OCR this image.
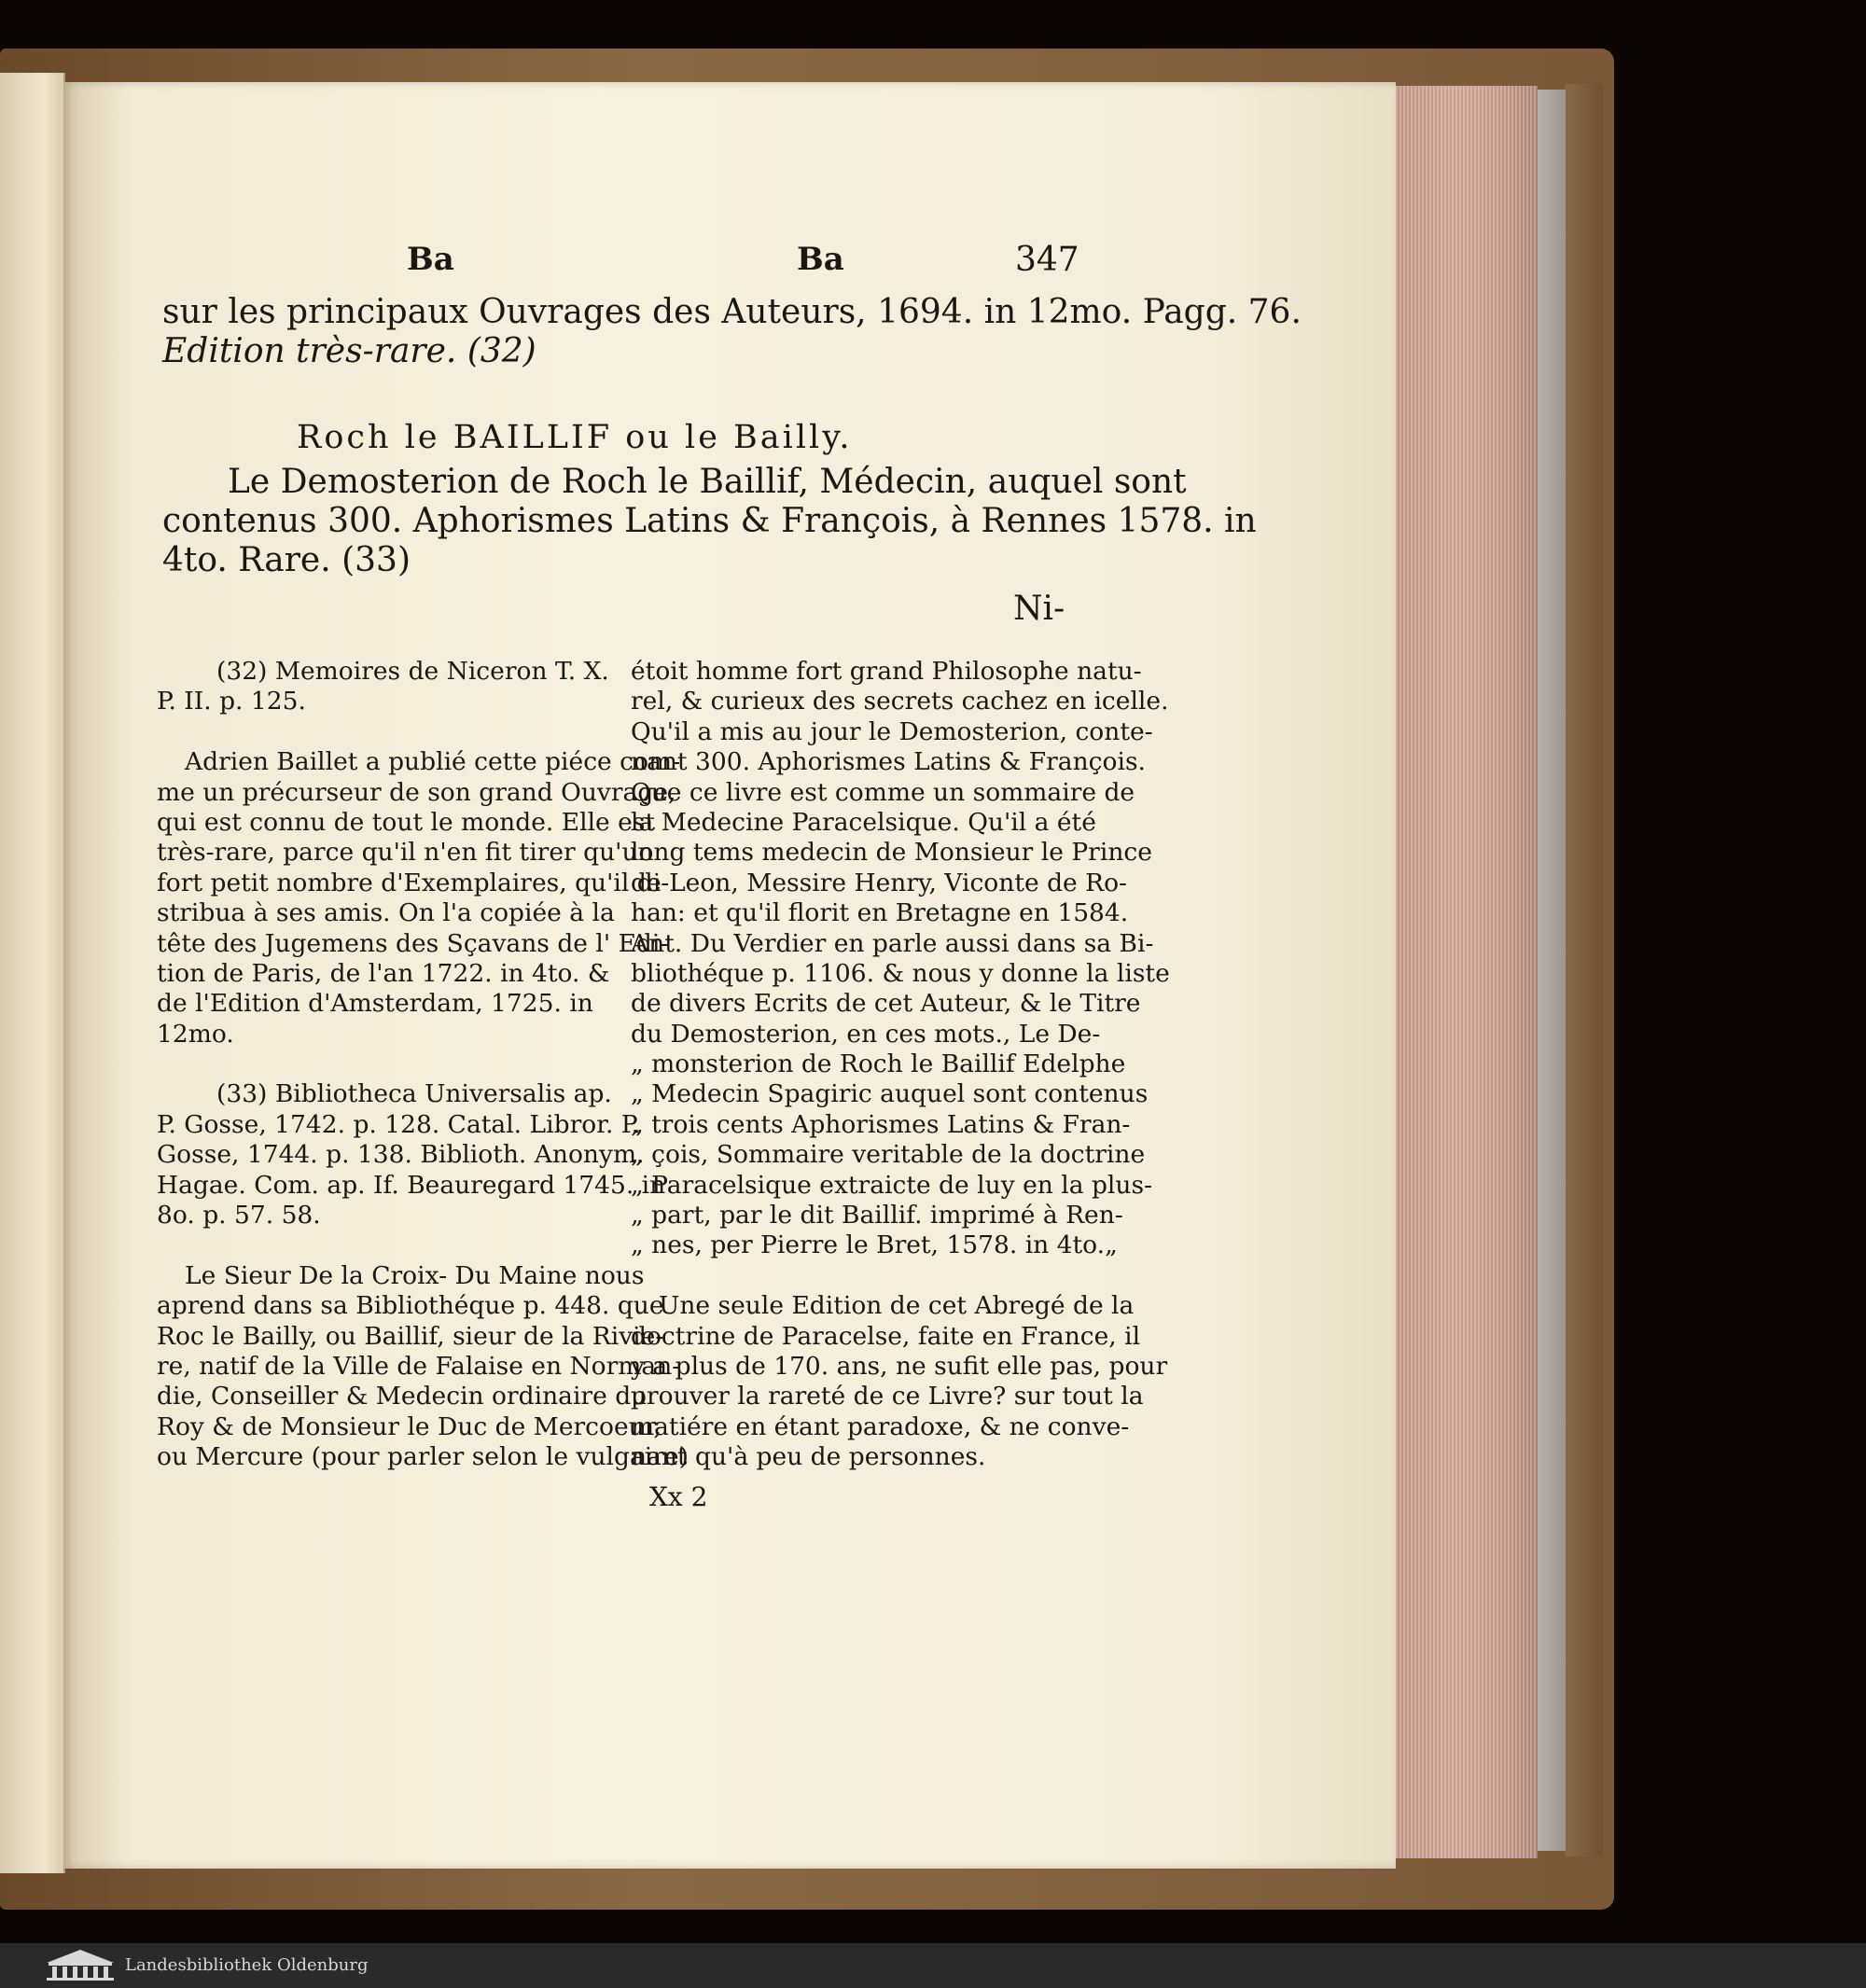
Ba	Ba	347
sur les principaux Ouvrages des Auteurs, 1694. in 12mo. Pagg. 76.
Edition très-rare. (32)
Roch le BAILLIF ou le Bailly.
Le Demosterion de Roch le Baillif, Médecin, auquel sont
contenus 300. Aphorismes Latins & François, à Rennes 1578. in
4to. Rare. (33)
Ni-
(32) Memoires de Niceron T. X.
P. II. p. 125.
Adrien Baillet a publié cette piéce com-
me un précurseur de son grand Ouvrage,
qui est connu de tout le monde. Elle est
très-rare, parce qu'il n'en fit tirer qu'un
fort petit nombre d'Exemplaires, qu'il di-
stribua à ses amis. On l'a copiée à la
tête des Jugemens des Sçavans de l' Edi-
tion de Paris, de l'an 1722. in 4to. &
de l'Edition d'Amsterdam, 1725. in
12mo.
(33) Bibliotheca Universalis ap.
P. Gosse, 1742. p. 128. Catal. Libror. P.
Gosse, 1744. p. 138. Biblioth. Anonym.
Hagae. Com. ap. If. Beauregard 1745. in
8o. p. 57. 58.
Le Sieur De la Croix- Du Maine nous
aprend dans sa Bibliothéque p. 448. que
Roc le Bailly, ou Baillif, sieur de la Rivie-
re, natif de la Ville de Falaise en Norman-
die, Conseiller & Medecin ordinaire du
Roy & de Monsieur le Duc de Mercoeur,
ou Mercure (pour parler selon le vulgaire)
étoit homme fort grand Philosophe natu-
rel, & curieux des secrets cachez en icelle.
Qu'il a mis au jour le Demosterion, conte-
nant 300. Aphorismes Latins & François.
Que ce livre est comme un sommaire de
la Medecine Paracelsique. Qu'il a été
long tems medecin de Monsieur le Prince
de Leon, Messire Henry, Viconte de Ro-
han: et qu'il florit en Bretagne en 1584.
Ant. Du Verdier en parle aussi dans sa Bi-
bliothéque p. 1106. & nous y donne la liste
de divers Ecrits de cet Auteur, & le Titre
du Demosterion, en ces mots., Le De-
„ monsterion de Roch le Baillif Edelphe
„ Medecin Spagiric auquel sont contenus
„ trois cents Aphorismes Latins & Fran-
„ çois, Sommaire veritable de la doctrine
„ Paracelsique extraicte de luy en la plus-
„ part, par le dit Baillif. imprimé à Ren-
„ nes, per Pierre le Bret, 1578. in 4to.„
Une seule Edition de cet Abregé de la
doctrine de Paracelse, faite en France, il
y a plus de 170. ans, ne sufit elle pas, pour
prouver la rareté de ce Livre? sur tout la
matiére en étant paradoxe, & ne conve-
nant qu'à peu de personnes.
Xx 2
Landesbibliothek Oldenburg
